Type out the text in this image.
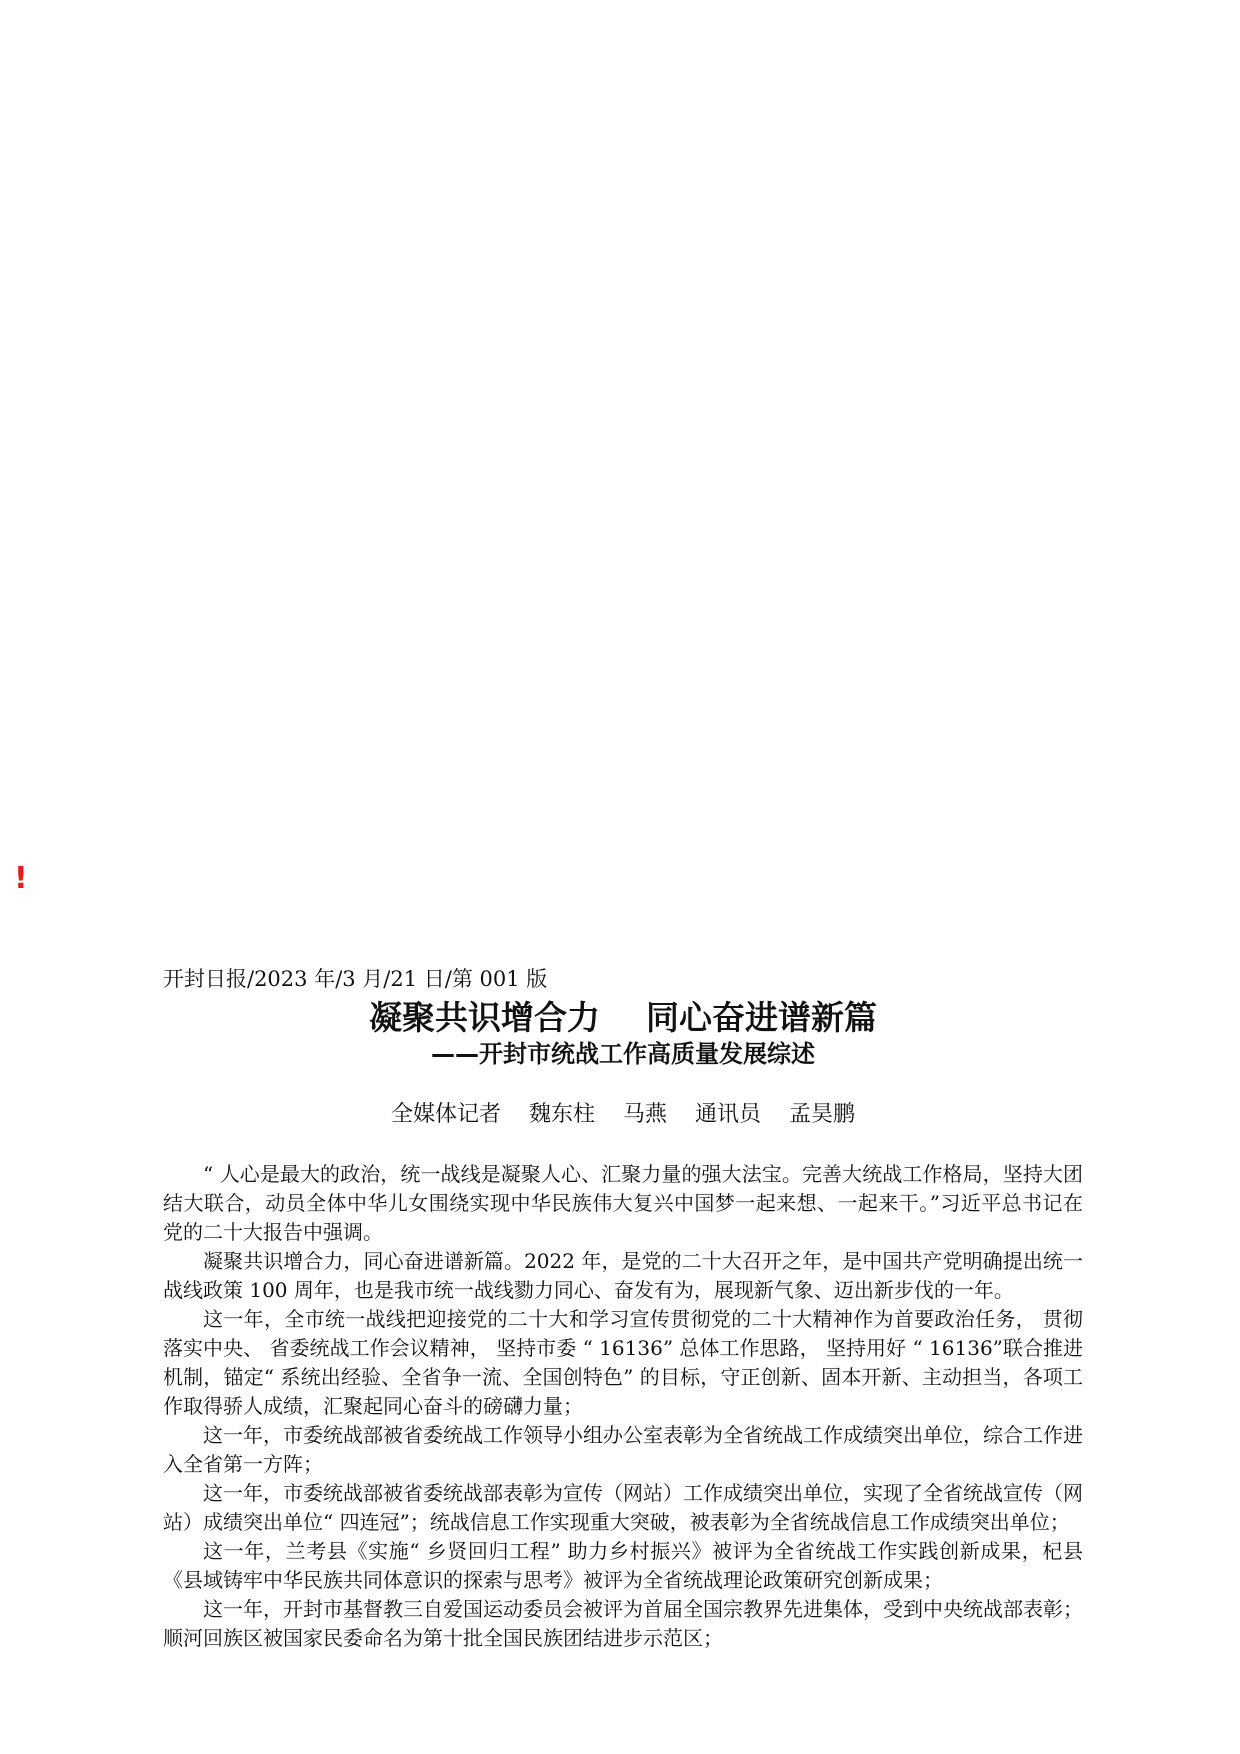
!

开封日报/2023 年/3 月/21 日/第 001 版

凝聚共识增合力    同心奋进谱新篇
——开封市统战工作高质量发展综述

全媒体记者    魏东柱    马燕    通讯员    孟昊鹏

“ 人心是最大的政治，统一战线是凝聚人心、汇聚力量的强大法宝。完善大统战工作格局，坚持大团结大联合，动员全体中华儿女围绕实现中华民族伟大复兴中国梦一起来想、一起来干。”习近平总书记在党的二十大报告中强调。

凝聚共识增合力，同心奋进谱新篇。2022 年，是党的二十大召开之年，是中国共产党明确提出统一战线政策 100 周年，也是我市统一战线勠力同心、奋发有为，展现新气象、迈出新步伐的一年。

这一年，全市统一战线把迎接党的二十大和学习宣传贯彻党的二十大精神作为首要政治任务， 贯彻落实中央、 省委统战工作会议精神， 坚持市委 “ 16136” 总体工作思路， 坚持用好 “ 16136”联合推进机制，锚定“ 系统出经验、全省争一流、全国创特色” 的目标，守正创新、固本开新、主动担当，各项工作取得骄人成绩，汇聚起同心奋斗的磅礴力量；

这一年，市委统战部被省委统战工作领导小组办公室表彰为全省统战工作成绩突出单位，综合工作进入全省第一方阵；

这一年，市委统战部被省委统战部表彰为宣传（网站）工作成绩突出单位，实现了全省统战宣传（网站）成绩突出单位“ 四连冠”；统战信息工作实现重大突破，被表彰为全省统战信息工作成绩突出单位；

这一年，兰考县《实施“ 乡贤回归工程” 助力乡村振兴》被评为全省统战工作实践创新成果，杞县《县域铸牢中华民族共同体意识的探索与思考》被评为全省统战理论政策研究创新成果；

这一年，开封市基督教三自爱国运动委员会被评为首届全国宗教界先进集体，受到中央统战部表彰；顺河回族区被国家民委命名为第十批全国民族团结进步示范区；
